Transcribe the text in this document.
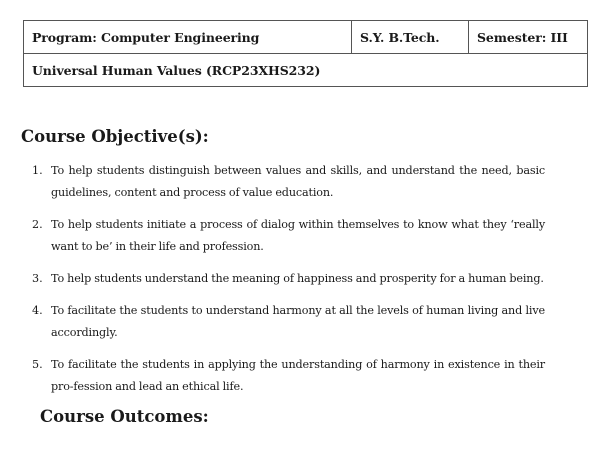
Program: Computer Engineering	S.Y. B.Tech.	Semester: III
Universal Human Values (RCP23XHS232)
Course Objective(s):
1. To help students distinguish between values and skills, and understand the need, basic guidelines, content and process of value education.
2. To help students initiate a process of dialog within themselves to know what they ‘really want to be’ in their life and profession.
3. To help students understand the meaning of happiness and prosperity for a human being.
4. To facilitate the students to understand harmony at all the levels of human living and live accordingly.
5. To facilitate the students in applying the understanding of harmony in existence in their pro-fession and lead an ethical life.
Course Outcomes:
